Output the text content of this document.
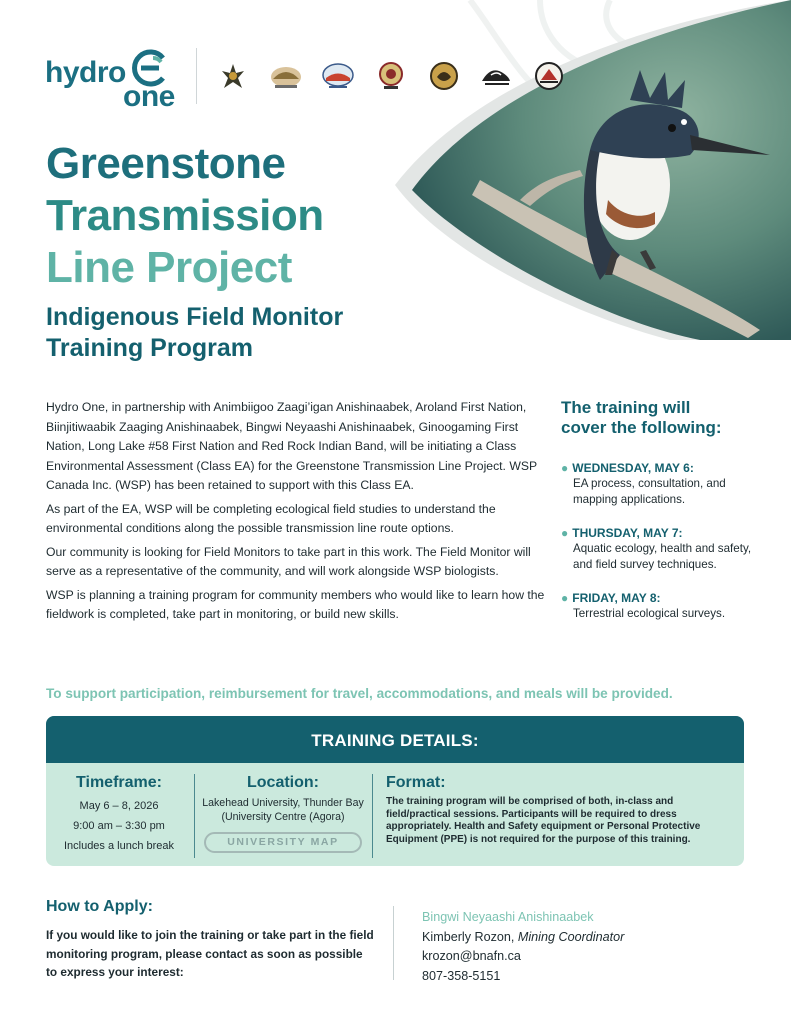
hydro
one
Greenstone
Transmission
Line Project
Indigenous Field Monitor
Training Program

Hydro One, in partnership with Animbiigoo Zaagi’igan Anishinaabek, Aroland First Nation, Biinjitiwaabik Zaaging Anishinaabek, Bingwi Neyaashi Anishinaabek, Ginoogaming First Nation, Long Lake #58 First Nation and Red Rock Indian Band, will be initiating a Class Environmental Assessment (Class EA) for the Greenstone Transmission Line Project. WSP Canada Inc. (WSP) has been retained to support with this Class EA.

As part of the EA, WSP will be completing ecological field studies to understand the environmental conditions along the possible transmission line route options.

Our community is looking for Field Monitors to take part in this work. The Field Monitor will serve as a representative of the community, and will work alongside WSP biologists.

WSP is planning a training program for community members who would like to learn how the fieldwork is completed, take part in monitoring, or build new skills.

The training will
cover the following:
● WEDNESDAY, MAY 6:
EA process, consultation, and mapping applications.
● THURSDAY, MAY 7:
Aquatic ecology, health and safety, and field survey techniques.
● FRIDAY, MAY 8:
Terrestrial ecological surveys.
To support participation, reimbursement for travel, accommodations, and meals will be provided.
TRAINING DETAILS:
Timeframe:
May 6 – 8, 2026
9:00 am – 3:30 pm
Includes a lunch break
Location:
Lakehead University, Thunder Bay (University Centre (Agora)
UNIVERSITY MAP
Format:
The training program will be comprised of both, in-class and field/practical sessions. Participants will be required to dress appropriately. Health and Safety equipment or Personal Protective Equipment (PPE) is not required for the purpose of this training.
How to Apply:
If you would like to join the training or take part in the field monitoring program, please contact as soon as possible to express your interest:
Bingwi Neyaashi Anishinaabek
Kimberly Rozon, Mining Coordinator
krozon@bnafn.ca
807-358-5151
